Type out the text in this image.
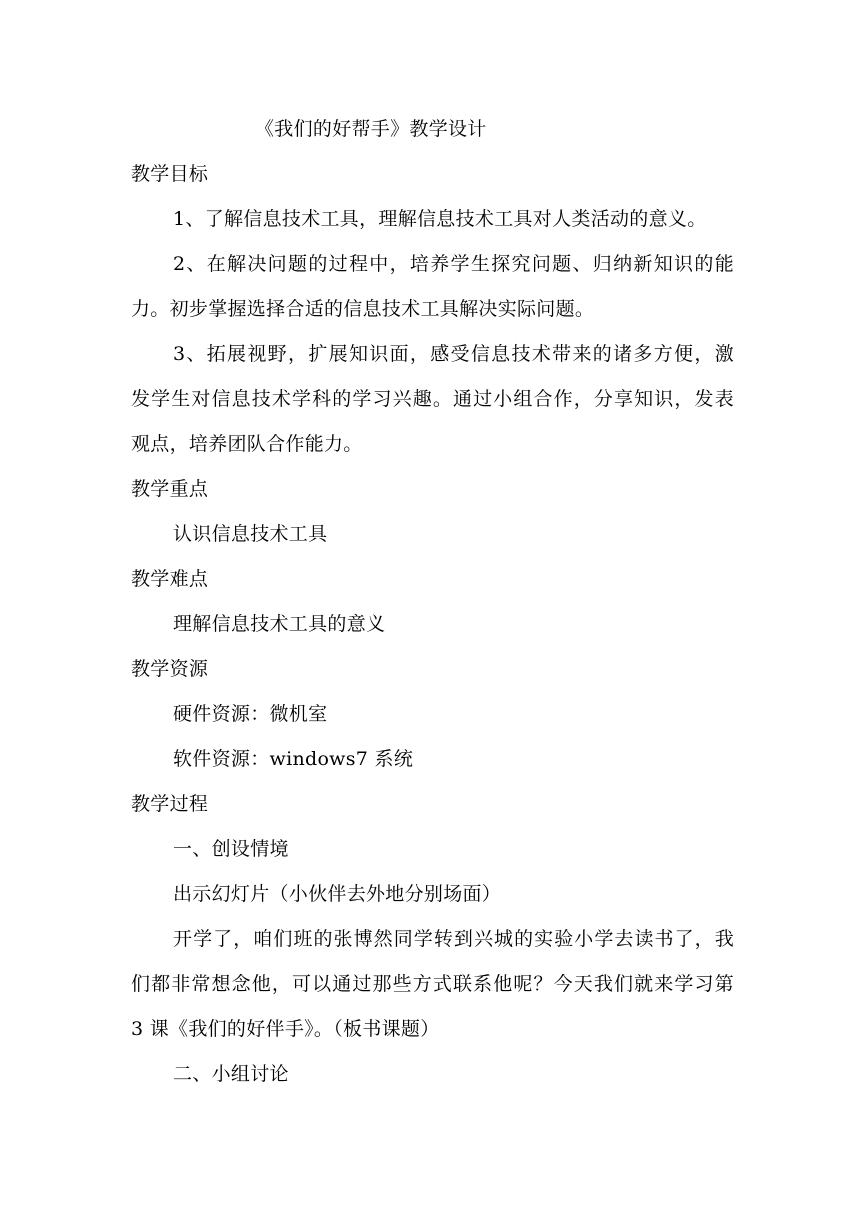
《我们的好帮手》教学设计
教学目标
1、了解信息技术工具，理解信息技术工具对人类活动的意义。
2、在解决问题的过程中，培养学生探究问题、归纳新知识的能
力。初步掌握选择合适的信息技术工具解决实际问题。
3、拓展视野，扩展知识面，感受信息技术带来的诸多方便，激
发学生对信息技术学科的学习兴趣。通过小组合作，分享知识，发表
观点，培养团队合作能力。
教学重点
认识信息技术工具
教学难点
理解信息技术工具的意义
教学资源
硬件资源：微机室
软件资源：windows7 系统
教学过程
一、创设情境
出示幻灯片（小伙伴去外地分别场面）
开学了，咱们班的张博然同学转到兴城的实验小学去读书了，我
们都非常想念他，可以通过那些方式联系他呢？今天我们就来学习第
3 课《我们的好伴手》。（板书课题）
二、小组讨论
